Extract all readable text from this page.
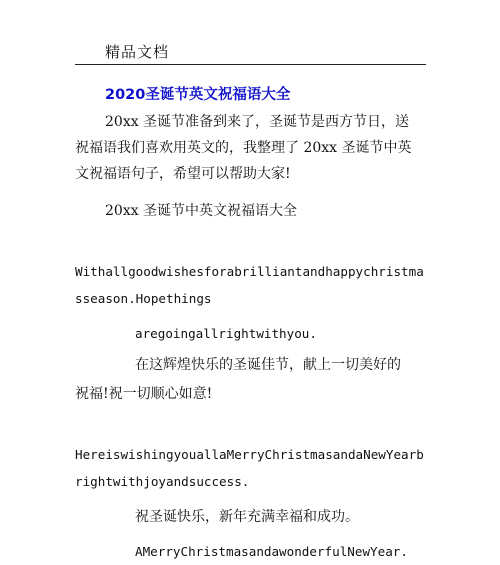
精品文档
2020圣诞节英文祝福语大全
20xx 圣诞节准备到来了，圣诞节是西方节日，送
祝福语我们喜欢用英文的，我整理了 20xx 圣诞节中英
文祝福语句子，希望可以帮助大家!
20xx 圣诞节中英文祝福语大全
Withallgoodwishesforabrilliantandhappychristma
sseason.Hopethings
aregoingallrightwithyou.
在这辉煌快乐的圣诞佳节，献上一切美好的
祝福!祝一切顺心如意!
HereiswishingyouallaMerryChristmasandaNewYearb
rightwithjoyandsuccess.
祝圣诞快乐，新年充满幸福和成功。
AMerryChristmasandawonderfulNewYear.
